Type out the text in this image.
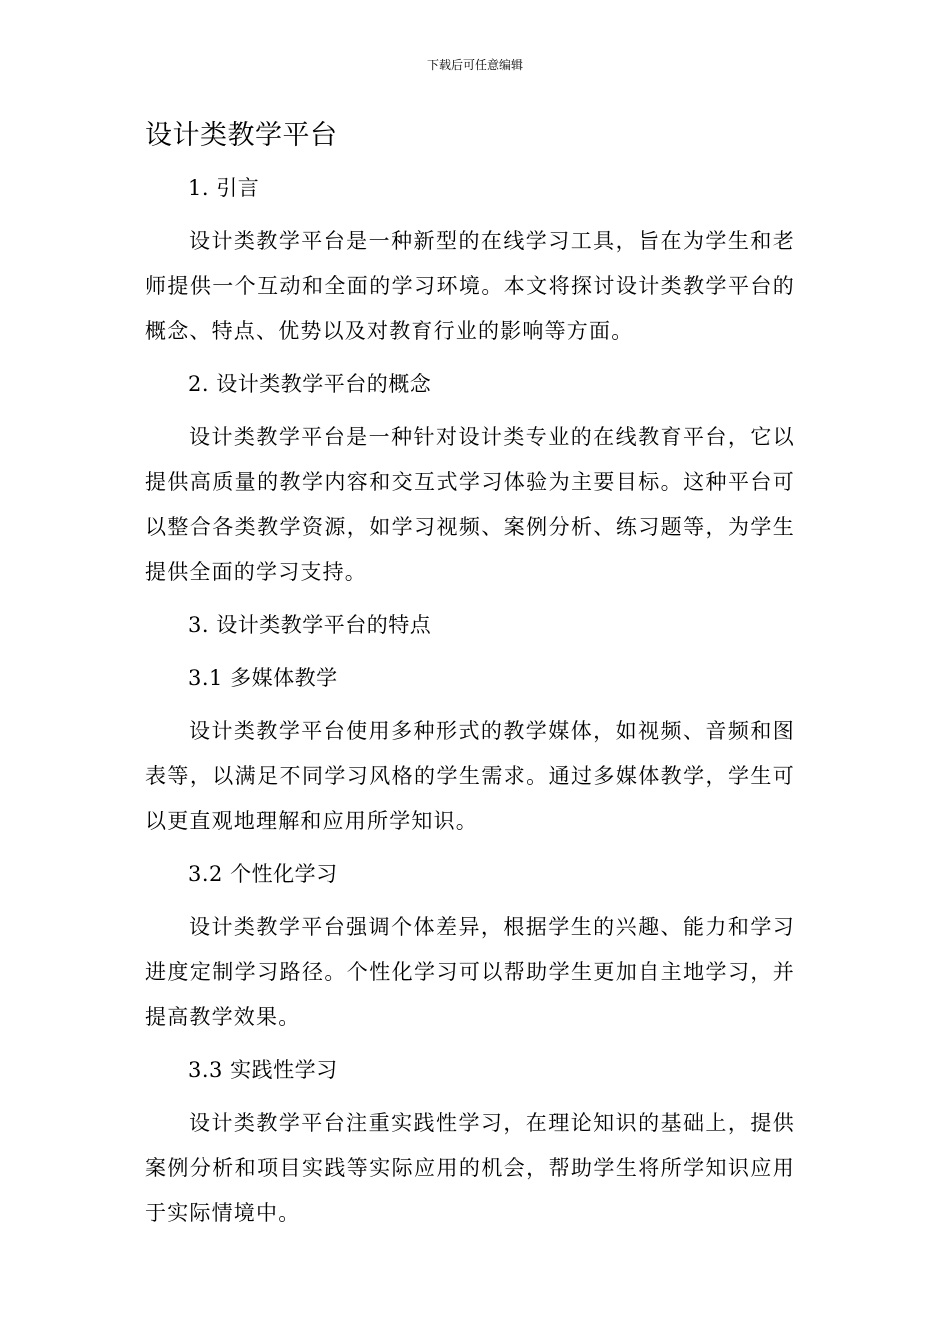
下载后可任意编辑
设计类教学平台

1. 引言

设计类教学平台是一种新型的在线学习工具，旨在为学生和老师提供一个互动和全面的学习环境。本文将探讨设计类教学平台的概念、特点、优势以及对教育行业的影响等方面。

2. 设计类教学平台的概念

设计类教学平台是一种针对设计类专业的在线教育平台，它以提供高质量的教学内容和交互式学习体验为主要目标。这种平台可以整合各类教学资源，如学习视频、案例分析、练习题等，为学生提供全面的学习支持。

3. 设计类教学平台的特点

3.1 多媒体教学

设计类教学平台使用多种形式的教学媒体，如视频、音频和图表等，以满足不同学习风格的学生需求。通过多媒体教学，学生可以更直观地理解和应用所学知识。

3.2 个性化学习

设计类教学平台强调个体差异，根据学生的兴趣、能力和学习进度定制学习路径。个性化学习可以帮助学生更加自主地学习，并提高教学效果。

3.3 实践性学习

设计类教学平台注重实践性学习，在理论知识的基础上，提供案例分析和项目实践等实际应用的机会，帮助学生将所学知识应用于实际情境中。
